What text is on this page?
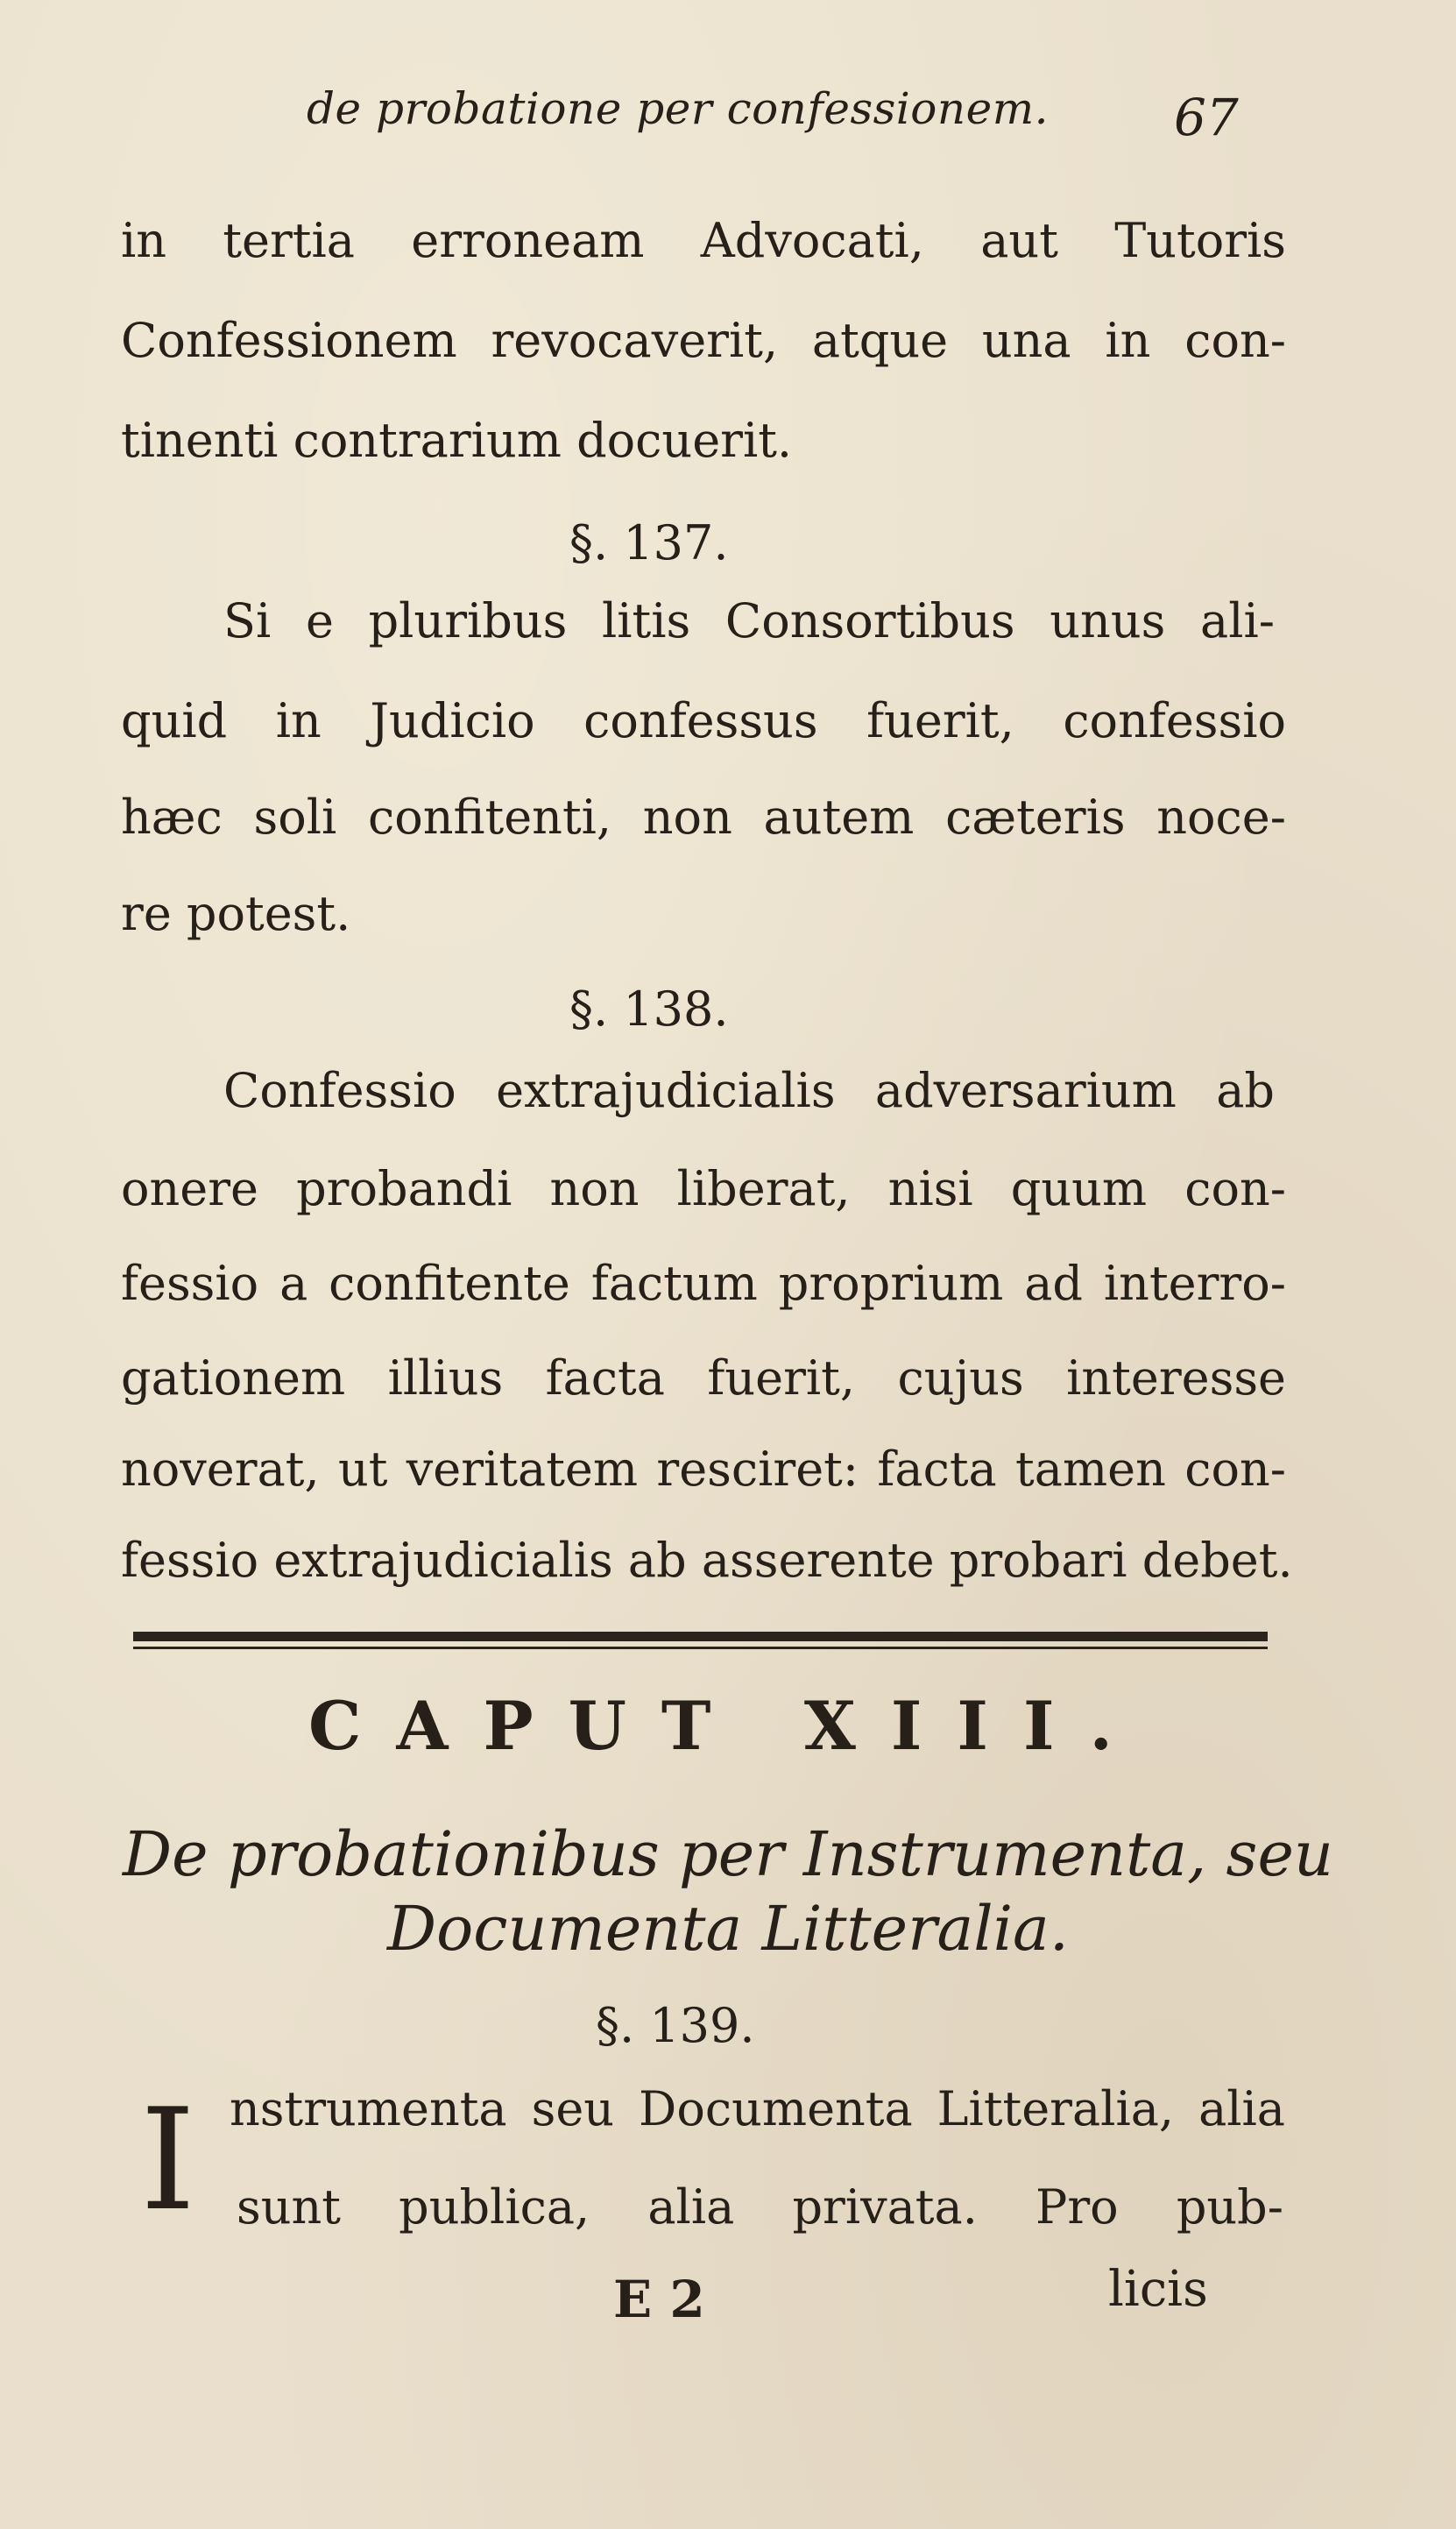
de probatione per confessionem. 67
in tertia erroneam Advocati, aut Tutoris
Confessionem revocaverit, atque una in con-
tinenti contrarium docuerit.
§. 137.
Si e pluribus litis Consortibus unus ali-
quid in Judicio confessus fuerit, confessio
hæc soli confitenti, non autem cæteris noce-
re potest.
§. 138.
Confessio extrajudicialis adversarium ab
onere probandi non liberat, nisi quum con-
fessio a confitente factum proprium ad interro-
gationem illius facta fuerit, cujus interesse
noverat, ut veritatem resciret: facta tamen con-
fessio extrajudicialis ab asserente probari debet.
CAPUT XIII.
De probationibus per Instrumenta, seu
Documenta Litteralia.
§. 139.
I nstrumenta seu Documenta Litteralia, alia
sunt publica, alia privata. Pro pub-
E 2	licis
